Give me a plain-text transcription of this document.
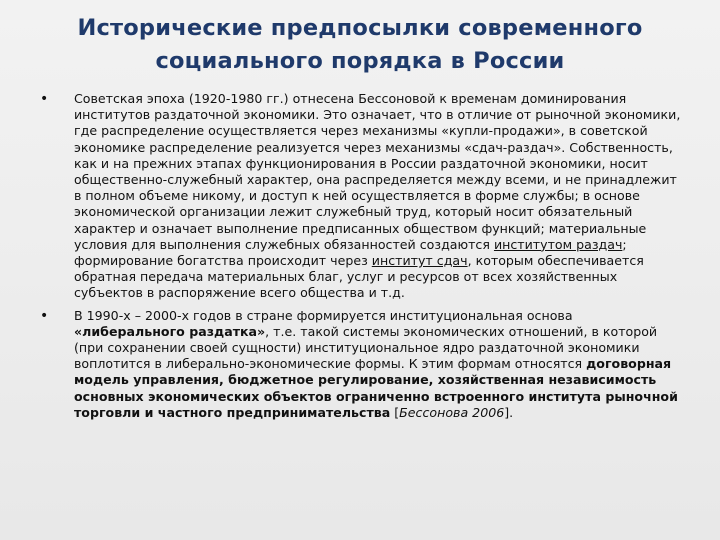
Исторические предпосылки современного социального порядка в России
• Советская эпоха (1920-1980 гг.) отнесена Бессоновой к временам доминирования институтов раздаточной экономики. Это означает, что в отличие от рыночной экономики, где распределение осуществляется через механизмы «купли-продажи», в советской экономике распределение реализуется через механизмы «сдач-раздач». Собственность, как и на прежних этапах функционирования в России раздаточной экономики, носит общественно-служебный характер, она распределяется между всеми, и не принадлежит в полном объеме никому, и доступ к ней осуществляется в форме службы; в основе экономической организации лежит служебный труд, который носит обязательный характер и означает выполнение предписанных обществом функций; материальные условия для выполнения служебных обязанностей создаются институтом раздач; формирование богатства происходит через институт сдач, которым обеспечивается обратная передача материальных благ, услуг и ресурсов от всех хозяйственных субъектов в распоряжение всего общества и т.д.
• В 1990-х – 2000-х годов в стране формируется институциональная основа «либерального раздатка», т.е. такой системы экономических отношений, в которой (при сохранении своей сущности) институциональное ядро раздаточной экономики воплотится в либерально-экономические формы. К этим формам относятся договорная модель управления, бюджетное регулирование, хозяйственная независимость основных экономических объектов ограниченно встроенного института рыночной торговли и частного предпринимательства [Бессонова 2006].
